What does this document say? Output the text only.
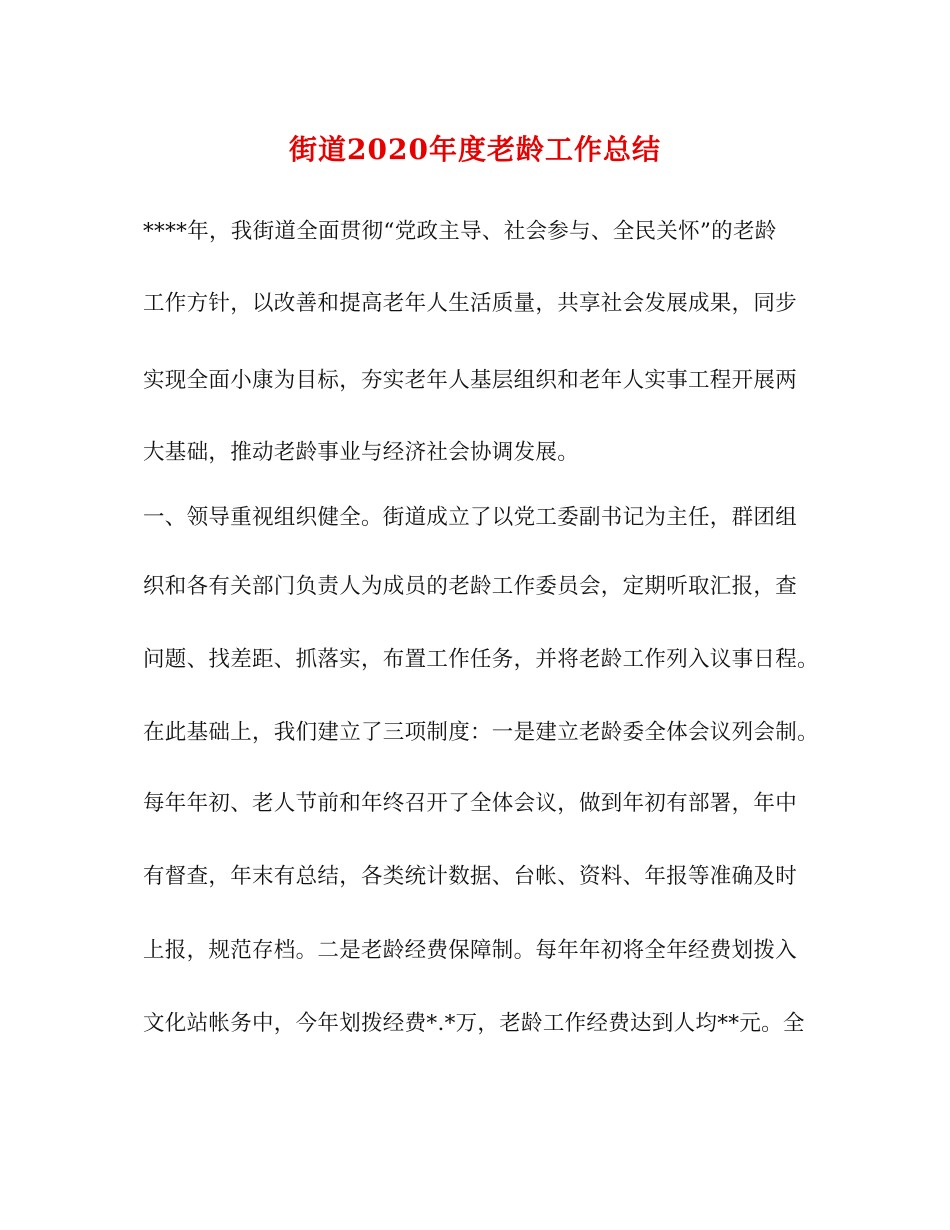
街道2020年度老龄工作总结
****年，我街道全面贯彻“党政主导、社会参与、全民关怀”的老龄
工作方针，以改善和提高老年人生活质量，共享社会发展成果，同步
实现全面小康为目标，夯实老年人基层组织和老年人实事工程开展两
大基础，推动老龄事业与经济社会协调发展。
一、领导重视组织健全。街道成立了以党工委副书记为主任，群团组
织和各有关部门负责人为成员的老龄工作委员会，定期听取汇报，查
问题、找差距、抓落实，布置工作任务，并将老龄工作列入议事日程。
在此基础上，我们建立了三项制度：一是建立老龄委全体会议列会制。
每年年初、老人节前和年终召开了全体会议，做到年初有部署，年中
有督查，年末有总结，各类统计数据、台帐、资料、年报等准确及时
上报，规范存档。二是老龄经费保障制。每年年初将全年经费划拨入
文化站帐务中，今年划拨经费*.*万，老龄工作经费达到人均**元。全
